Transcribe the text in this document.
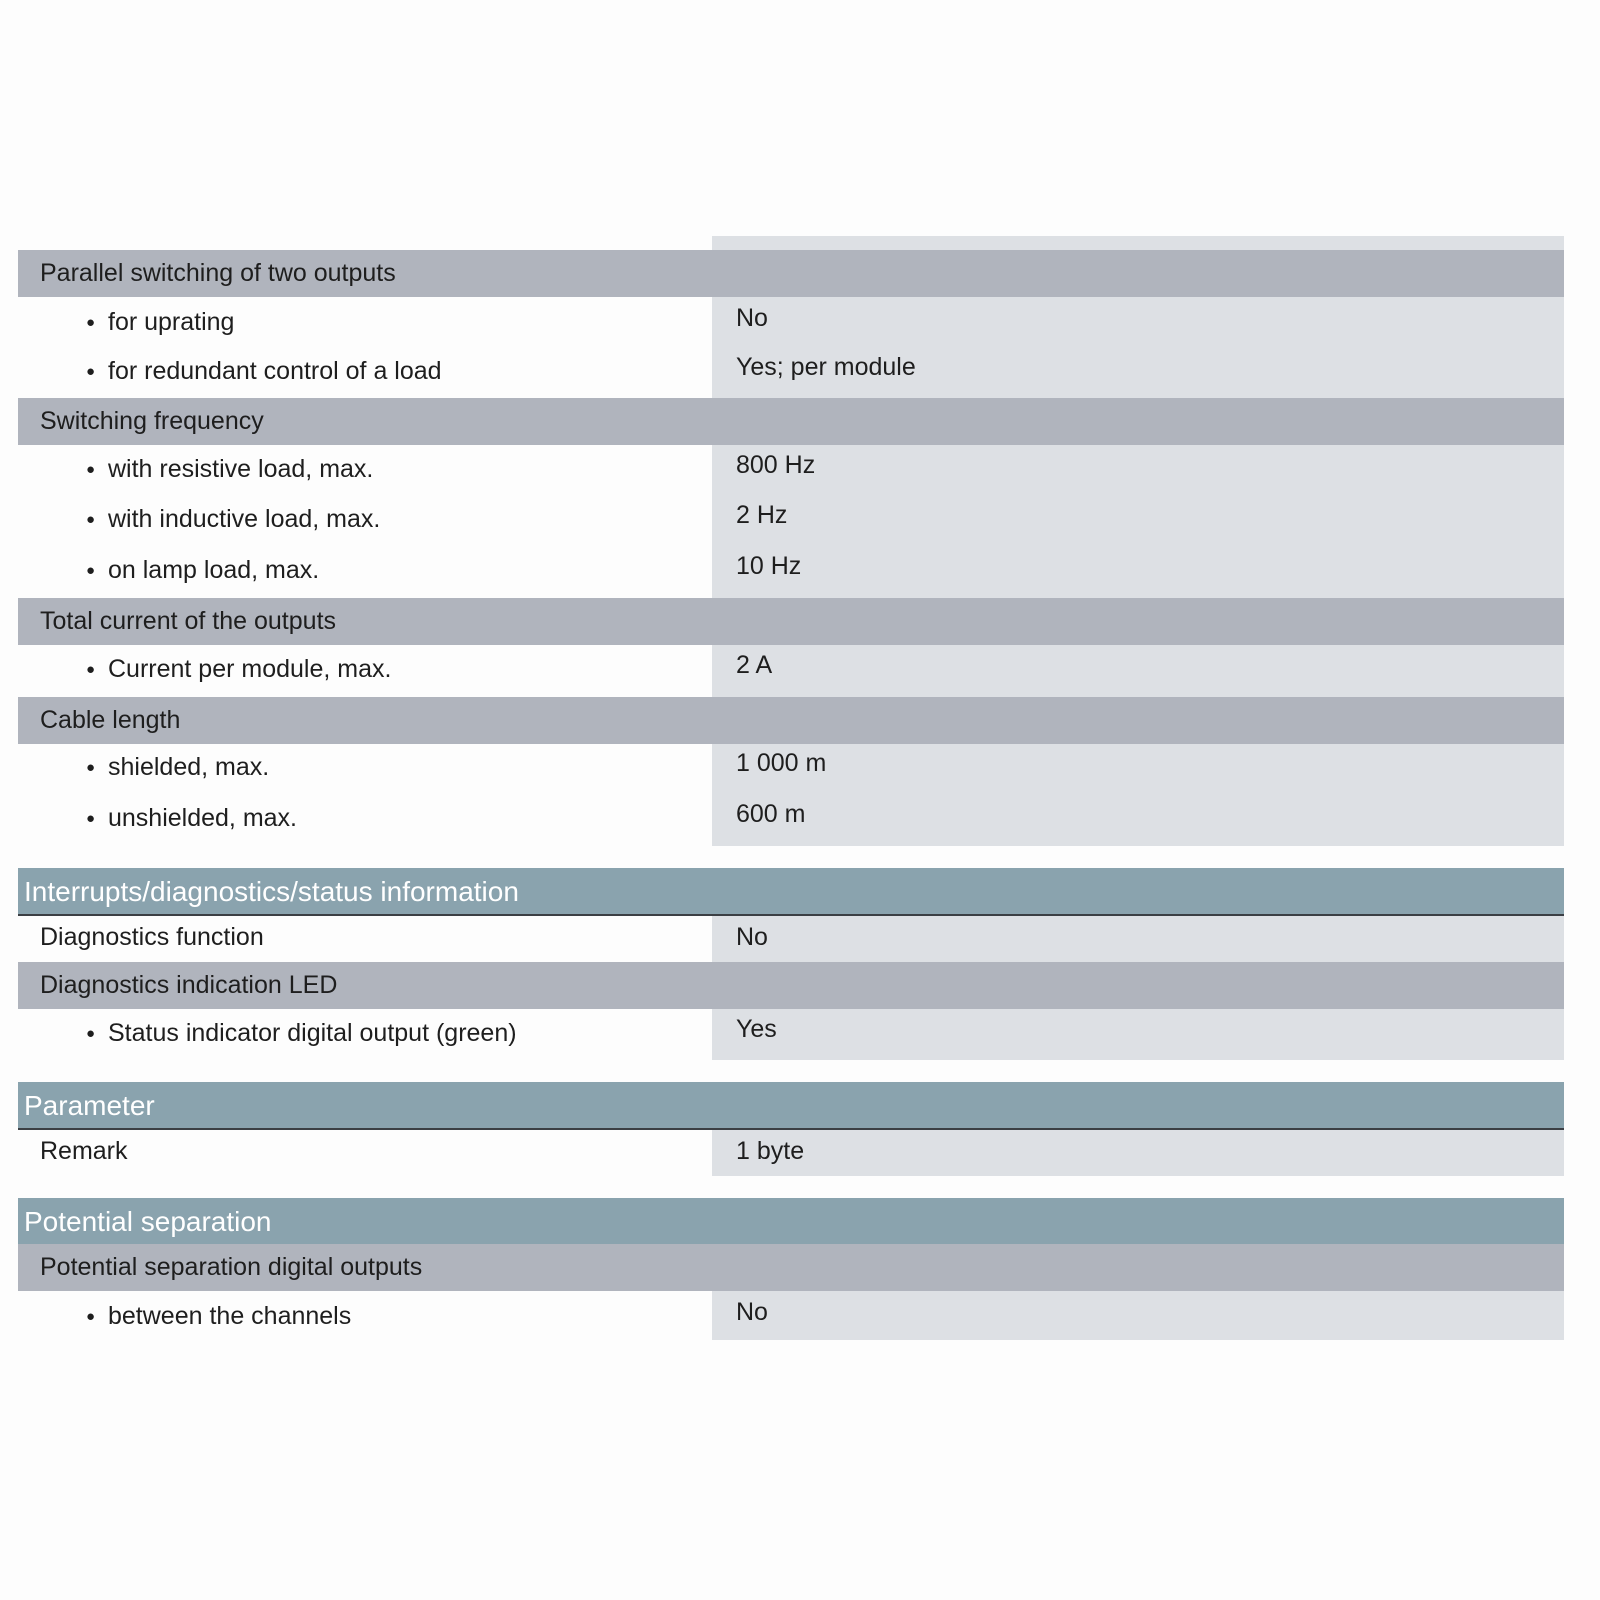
Parallel switching of two outputs
● for uprating	No
● for redundant control of a load	Yes; per module
Switching frequency
● with resistive load, max.	800 Hz
● with inductive load, max.	2 Hz
● on lamp load, max.	10 Hz
Total current of the outputs
● Current per module, max.	2 A
Cable length
● shielded, max.	1 000 m
● unshielded, max.	600 m
Interrupts/diagnostics/status information
Diagnostics function	No
Diagnostics indication LED
● Status indicator digital output (green)	Yes
Parameter
Remark	1 byte
Potential separation
Potential separation digital outputs
● between the channels	No
